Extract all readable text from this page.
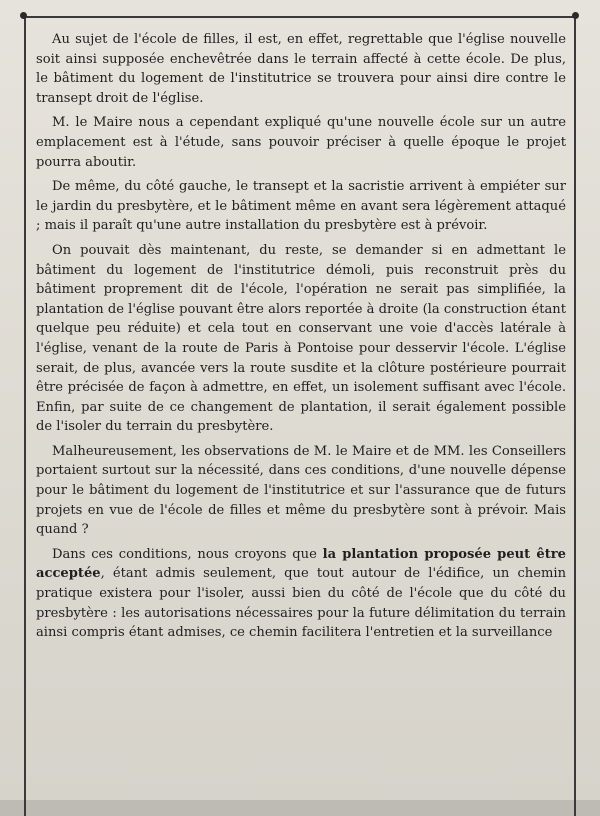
Au sujet de l'école de filles, il est, en effet, regrettable que l'église nouvelle soit ainsi supposée enchevêtrée dans le terrain affecté à cette école. De plus, le bâtiment du logement de l'institutrice se trouvera pour ainsi dire contre le transept droit de l'église.

M. le Maire nous a cependant expliqué qu'une nouvelle école sur un autre emplacement est à l'étude, sans pouvoir préciser à quelle époque le projet pourra aboutir.

De même, du côté gauche, le transept et la sacristie arrivent à empiéter sur le jardin du presbytère, et le bâtiment même en avant sera légèrement attaqué ; mais il paraît qu'une autre installation du presbytère est à prévoir.

On pouvait dès maintenant, du reste, se demander si en admettant le bâtiment du logement de l'institutrice démoli, puis reconstruit près du bâtiment proprement dit de l'école, l'opération ne serait pas simplifiée, la plantation de l'église pouvant être alors reportée à droite (la construction étant quelque peu réduite) et cela tout en conservant une voie d'accès latérale à l'église, venant de la route de Paris à Pontoise pour desservir l'école. L'église serait, de plus, avancée vers la route susdite et la clôture postérieure pourrait être précisée de façon à admettre, en effet, un isolement suffisant avec l'école. Enfin, par suite de ce changement de plantation, il serait également possible de l'isoler du terrain du presbytère.

Malheureusement, les observations de M. le Maire et de MM. les Conseillers portaient surtout sur la nécessité, dans ces conditions, d'une nouvelle dépense pour le bâtiment du logement de l'institutrice et sur l'assurance que de futurs projets en vue de l'école de filles et même du presbytère sont à prévoir. Mais quand ?

Dans ces conditions, nous croyons que la plantation proposée peut être acceptée, étant admis seulement, que tout autour de l'édifice, un chemin pratique existera pour l'isoler, aussi bien du côté de l'école que du côté du presbytère : les autorisations nécessaires pour la future délimitation du terrain ainsi compris étant admises, ce chemin facilitera l'entretien et la surveillance
